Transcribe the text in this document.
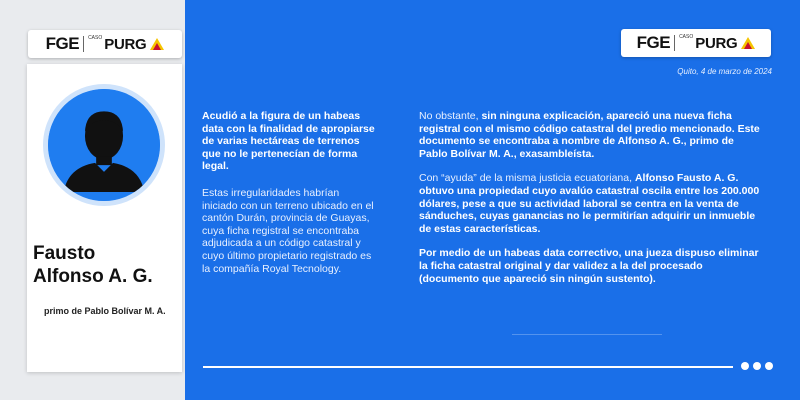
FGE CASO PURG	FGE CASO PURG
Fausto
Alfonso A. G.
primo de Pablo Bolívar M. A.
Quito, 4 de marzo de 2024

Acudió a la figura de un habeas data con la finalidad de apropiarse de varias hectáreas de terrenos que no le pertenecían de forma legal.

Estas irregularidades habrían iniciado con un terreno ubicado en el cantón Durán, provincia de Guayas, cuya ficha registral se encontraba adjudicada a un código catastral y cuyo último propietario registrado es la compañía Royal Tecnology.

No obstante, sin ninguna explicación, apareció una nueva ficha registral con el mismo código catastral del predio mencionado. Este documento se encontraba a nombre de Alfonso A. G., primo de Pablo Bolívar M. A., exasambleísta.

Con “ayuda” de la misma justicia ecuatoriana, Alfonso Fausto A. G. obtuvo una propiedad cuyo avalúo catastral oscila entre los 200.000 dólares, pese a que su actividad laboral se centra en la venta de sánduches, cuyas ganancias no le permitirían adquirir un inmueble de estas características.

Por medio de un habeas data correctivo, una jueza dispuso eliminar la ficha catastral original y dar validez a la del procesado (documento que apareció sin ningún sustento).
